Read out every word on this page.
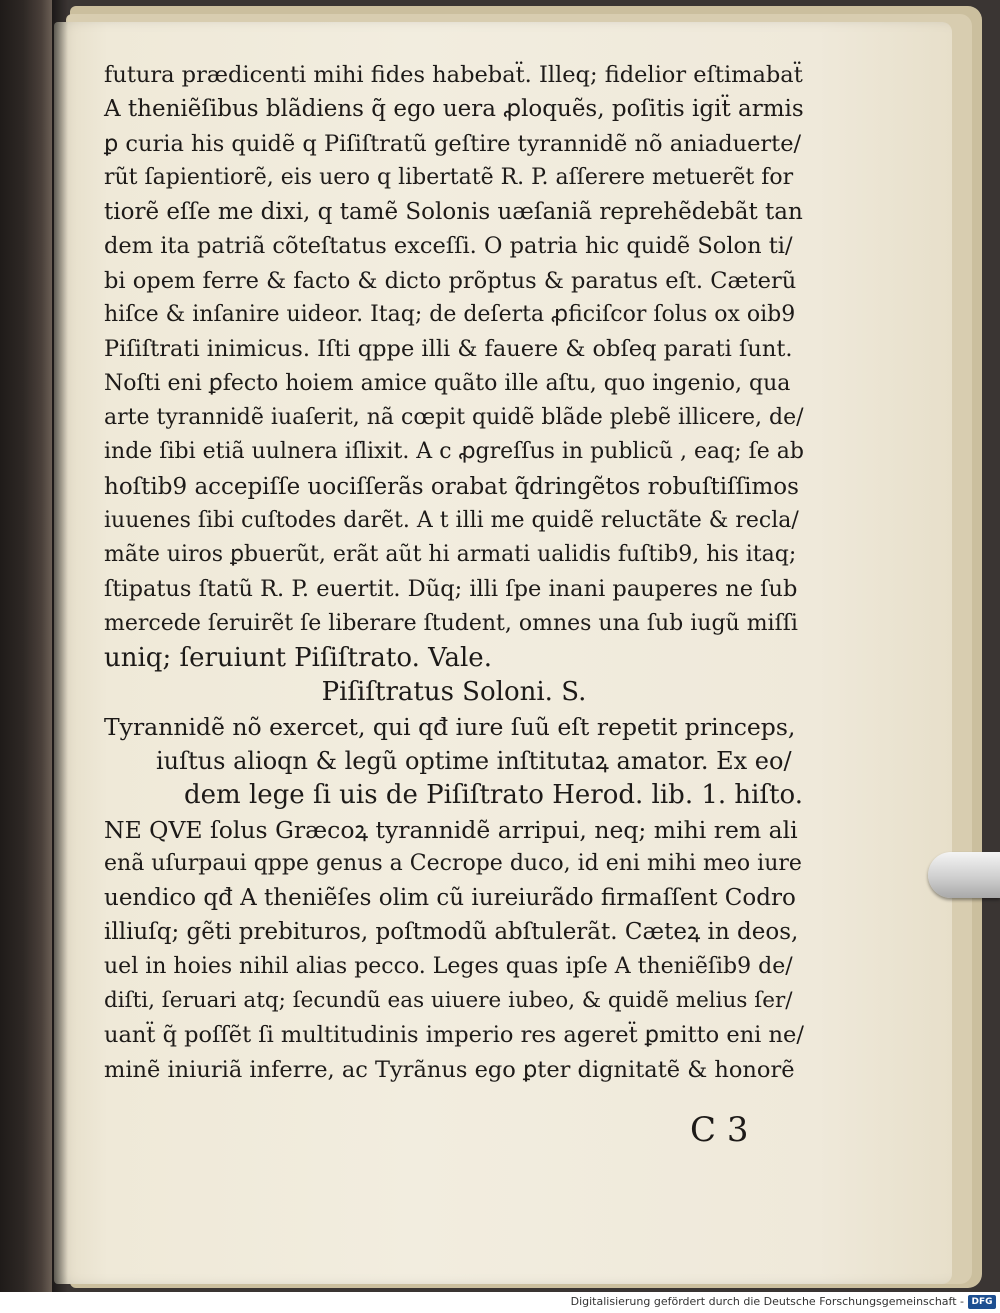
futura prædicenti mihi fides habebaẗ. Illeq; fidelior eſtimabaẗ
A theniẽſibus blãdiens q̃ ego uera ꝓloquẽs, poſitis igiẗ armis
ꝑ curia his quidẽ q Piſiſtratũ geſtire tyrannidẽ nõ aniaduerte/
rũt ſapientiorẽ, eis uero q libertatẽ R. P. aſſerere metuerẽt for
tiorẽ eſſe me dixi, q tamẽ Solonis uæſaniã reprehẽdebãt tan
dem ita patriã cõteſtatus exceſſi. O patria hic quidẽ Solon ti/
bi opem ferre & facto & dicto prõptus & paratus eſt. Cæterũ
hiſce & inſanire uideor. Itaq; de deſerta ꝓficiſcor ſolus ox oib9
Piſiſtrati inimicus. Iſti qppe illi & fauere & obſeq parati ſunt.
Noſti eni ꝑfecto hoiem amice quãto ille aſtu, quo ingenio, qua
arte tyrannidẽ iuaſerit, nã cœpit quidẽ blãde plebẽ illicere, de/
inde ſibi etiã uulnera iſlixit. A c ꝓgreſſus in publicũ , eaq; ſe ab
hoſtib9 accepiſſe uociſſerãs orabat q̃dringẽtos robuſtiſſimos
iuuenes ſibi cuſtodes darẽt. A t illi me quidẽ reluctãte & recla/
mãte uiros ꝑbuerũt, erãt aũt hi armati ualidis fuſtib9, his itaq;
ſtipatus ſtatũ R. P. euertit. Dũq; illi ſpe inani pauperes ne ſub
mercede ſeruirẽt ſe liberare ſtudent, omnes una ſub iugũ miſſi
uniq; ſeruiunt Piſiſtrato. Vale.
Piſiſtratus Soloni. S.
Tyrannidẽ nõ exercet, qui qđ iure ſuũ eſt repetit princeps,
iuſtus alioqn & legũ optime inſtitutaꝝ amator. Ex eo/
dem lege ſi uis de Piſiſtrato Herod. lib. 1. hiſto.
NE QVE ſolus Græcoꝝ tyrannidẽ arripui, neq; mihi rem ali
enã uſurpaui qppe genus a Cecrope duco, id eni mihi meo iure
uendico qđ A theniẽſes olim cũ iureiurãdo firmaſſent Codro
illiuſq; gẽti prebituros, poſtmodũ abſtulerãt. Cæteꝝ in deos,
uel in hoies nihil alias pecco. Leges quas ipſe A theniẽſib9 de/
diſti, ſeruari atq; ſecundũ eas uiuere iubeo, & quidẽ melius ſer/
uanẗ q̃ poſſẽt ſi multitudinis imperio res agereẗ ꝑmitto eni ne/
minẽ iniuriã inferre, ac Tyrãnus ego ꝑter dignitatẽ & honorẽ
C 3
Digitalisierung gefördert durch die Deutsche Forschungsgemeinschaft - DFG
